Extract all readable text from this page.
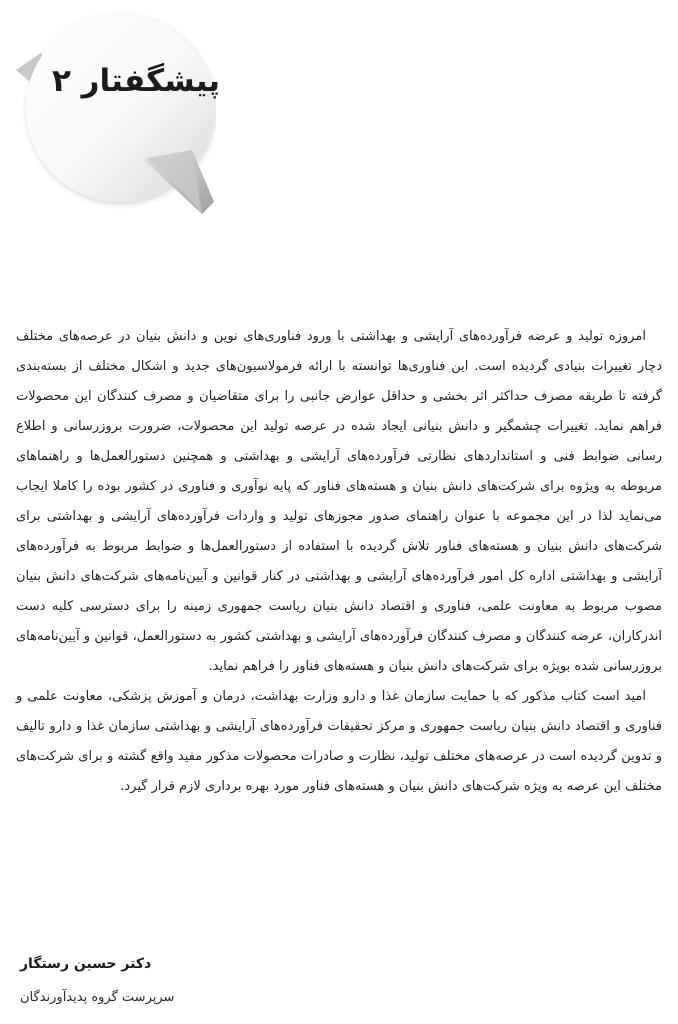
پیشگفتار ۲

امروزه تولید و عرضه فرآورده‌های آرایشی و بهداشتی با ورود فناوری‌های نوین و دانش بنیان در عرصه‌های مختلف دچار تغییرات بنیادی گردیده است. این فناوری‌ها توانسته با ارائه فرمولاسیون‌های جدید و اشکال مختلف از بسته‌بندی گرفته تا طریقه مصرف حداکثر اثر بخشی و حداقل عوارض جانبی را برای متقاضیان و مصرف کنندگان این محصولات فراهم نماید. تغییرات چشمگیر و دانش بنیانی ایجاد شده در عرصه تولید این محصولات، ضرورت بروزرسانی و اطلاع رسانی ضوابط فنی و استانداردهای نظارتی فرآورده‌های آرایشی و بهداشتی و همچنین دستورالعمل‌ها و راهنماهای مربوطه به ویژوه برای شرکت‌های دانش بنیان و هسته‌های فناور که پایه نوآوری و فناوری در کشور بوده را کاملا ایجاب می‌نماید لذا در این مجموعه با عنوان راهنمای صدور مجوزهای تولید و واردات فرآورده‌های آرایشی و بهداشتی برای شرکت‌های دانش بنیان و هسته‌های فناور تلاش گردیده با استفاده از دستورالعمل‌ها و ضوابط مربوط به فرآورده‌های آرایشی و بهداشتی اداره کل امور فرآورده‌های آرایشی و بهداشتی در کنار قوانین و آیین‌نامه‌های شرکت‌های دانش بنیان مصوب مربوط به معاونت علمی، فناوری و اقتصاد دانش بنیان ریاست جمهوری زمینه را برای دسترسی کلیه دست اندرکاران، عرضه کنندگان و مصرف کنندگان فرآورده‌های آرایشی و بهداشتی کشور به دستورالعمل، قوانین و آیین‌نامه‌های بروزرسانی شده بویژه برای شرکت‌های دانش بنیان و هسته‌های فناور را فراهم نماید.

امید است کتاب مذکور که با حمایت سازمان غذا و دارو وزارت بهداشت، درمان و آموزش پزشکی، معاونت علمی و فناوری و اقتصاد دانش بنیان ریاست جمهوری و مرکز تحقیقات فرآورده‌های آرایشی و بهداشتی سازمان غذا و دارو تالیف و تدوین گردیده است در عرصه‌های مختلف تولید، نظارت و صادرات محصولات مذکور مفید واقع گشته و برای شرکت‌های مختلف این عرصه به ویژه شرکت‌های دانش بنیان و هسته‌های فناور مورد بهره برداری لازم قرار گیرد.

دکتر حسین رستگار
سرپرست گروه پدیدآورندگان
